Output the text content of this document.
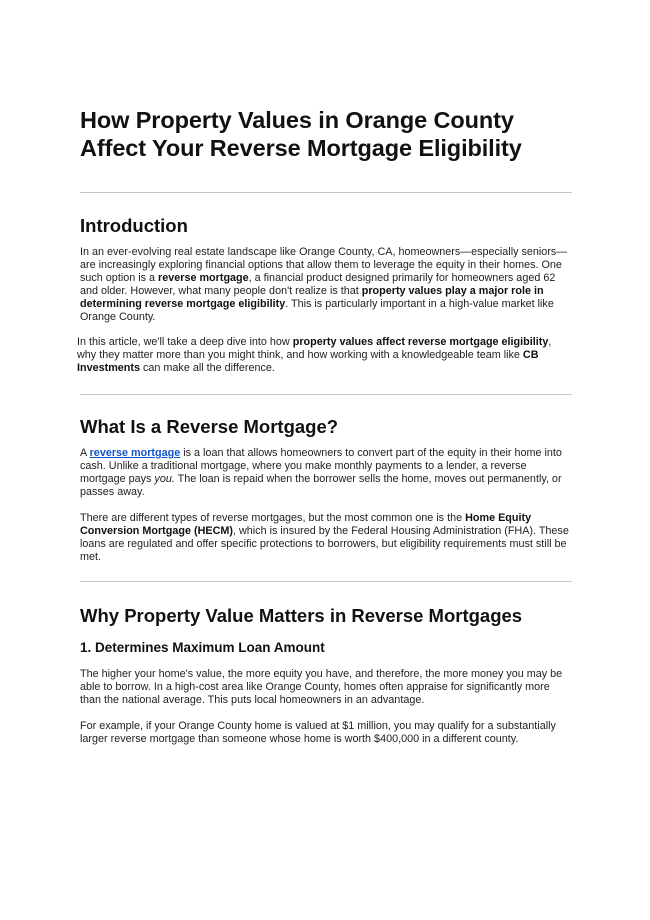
How Property Values in Orange County Affect Your Reverse Mortgage Eligibility
Introduction

In an ever-evolving real estate landscape like Orange County, CA, homeowners—especially seniors—are increasingly exploring financial options that allow them to leverage the equity in their homes. One such option is a reverse mortgage, a financial product designed primarily for homeowners aged 62 and older. However, what many people don't realize is that property values play a major role in determining reverse mortgage eligibility. This is particularly important in a high-value market like Orange County.

In this article, we'll take a deep dive into how property values affect reverse mortgage eligibility, why they matter more than you might think, and how working with a knowledgeable team like CB Investments can make all the difference.

What Is a Reverse Mortgage?

A reverse mortgage is a loan that allows homeowners to convert part of the equity in their home into cash. Unlike a traditional mortgage, where you make monthly payments to a lender, a reverse mortgage pays you. The loan is repaid when the borrower sells the home, moves out permanently, or passes away.

There are different types of reverse mortgages, but the most common one is the Home Equity Conversion Mortgage (HECM), which is insured by the Federal Housing Administration (FHA). These loans are regulated and offer specific protections to borrowers, but eligibility requirements must still be met.

Why Property Value Matters in Reverse Mortgages
1. Determines Maximum Loan Amount

The higher your home's value, the more equity you have, and therefore, the more money you may be able to borrow. In a high-cost area like Orange County, homes often appraise for significantly more than the national average. This puts local homeowners in an advantage.

For example, if your Orange County home is valued at $1 million, you may qualify for a substantially larger reverse mortgage than someone whose home is worth $400,000 in a different county.
